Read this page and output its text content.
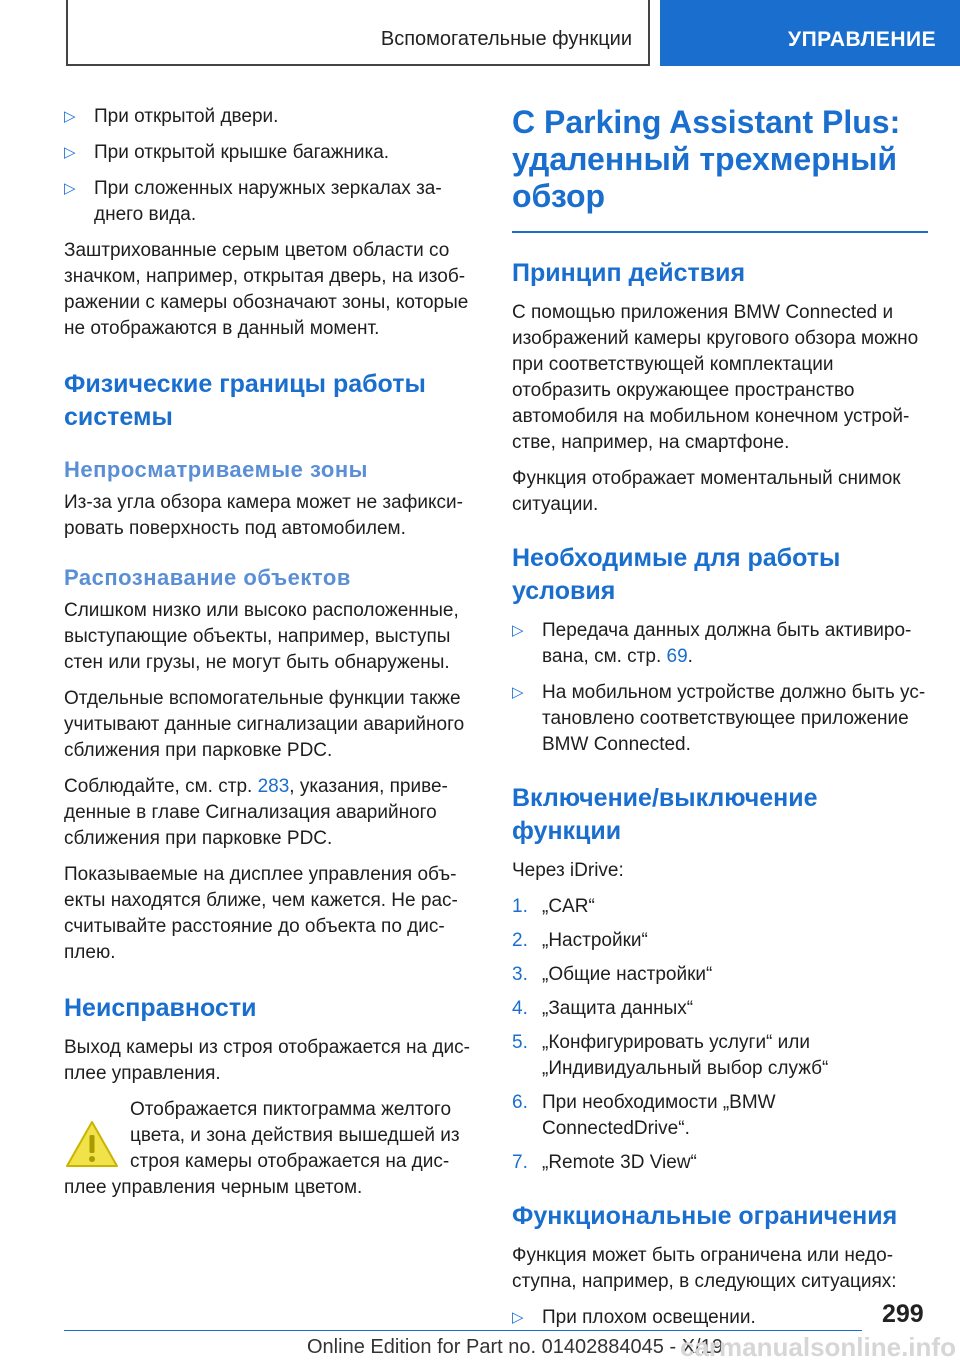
Вспомогательные функции	УПРАВЛЕНИЕ
▷ При открытой двери.
▷ При открытой крышке багажника.
▷ При сложенных наружных зеркалах за-днего вида.
Заштрихованные серым цветом области со значком, например, открытая дверь, на изоб-ражении с камеры обозначают зоны, которые не отображаются в данный момент.
Физические границы работы системы
Непросматриваемые зоны
Из-за угла обзора камера может не зафикси-ровать поверхность под автомобилем.
Распознавание объектов
Слишком низко или высоко расположенные, выступающие объекты, например, выступы стен или грузы, не могут быть обнаружены.
Отдельные вспомогательные функции также учитывают данные сигнализации аварийного сближения при парковке PDC.
Соблюдайте, см. стр. 283, указания, приве-денные в главе Сигнализация аварийного сближения при парковке PDC.
Показываемые на дисплее управления объ-екты находятся ближе, чем кажется. Не рас-считывайте расстояние до объекта по дис-плею.
Неисправности
Выход камеры из строя отображается на дис-плее управления.
Отображается пиктограмма желтого цвета, и зона действия вышедшей из строя камеры отображается на дис-
плее управления черным цветом.
С Parking Assistant Plus: удаленный трехмерный обзор
Принцип действия
С помощью приложения BMW Connected и изображений камеры кругового обзора можно при соответствующей комплектации отобразить окружающее пространство автомобиля на мобильном конечном устрой-стве, например, на смартфоне.
Функция отображает моментальный снимок ситуации.
Необходимые для работы условия
▷ Передача данных должна быть активиро-вана, см. стр. 69.
▷ На мобильном устройстве должно быть ус-тановлено соответствующее приложение BMW Connected.
Включение/выключение функции
Через iDrive:
1. „CAR“
2. „Настройки“
3. „Общие настройки“
4. „Защита данных“
5. „Конфигурировать услуги“ или „Индивидуальный выбор служб“
6. При необходимости „BMW ConnectedDrive“.
7. „Remote 3D View“
Функциональные ограничения
Функция может быть ограничена или недо-ступна, например, в следующих ситуациях:
▷ При плохом освещении.	299
Online Edition for Part no. 01402884045 - X/19
carmanualsonline.info
